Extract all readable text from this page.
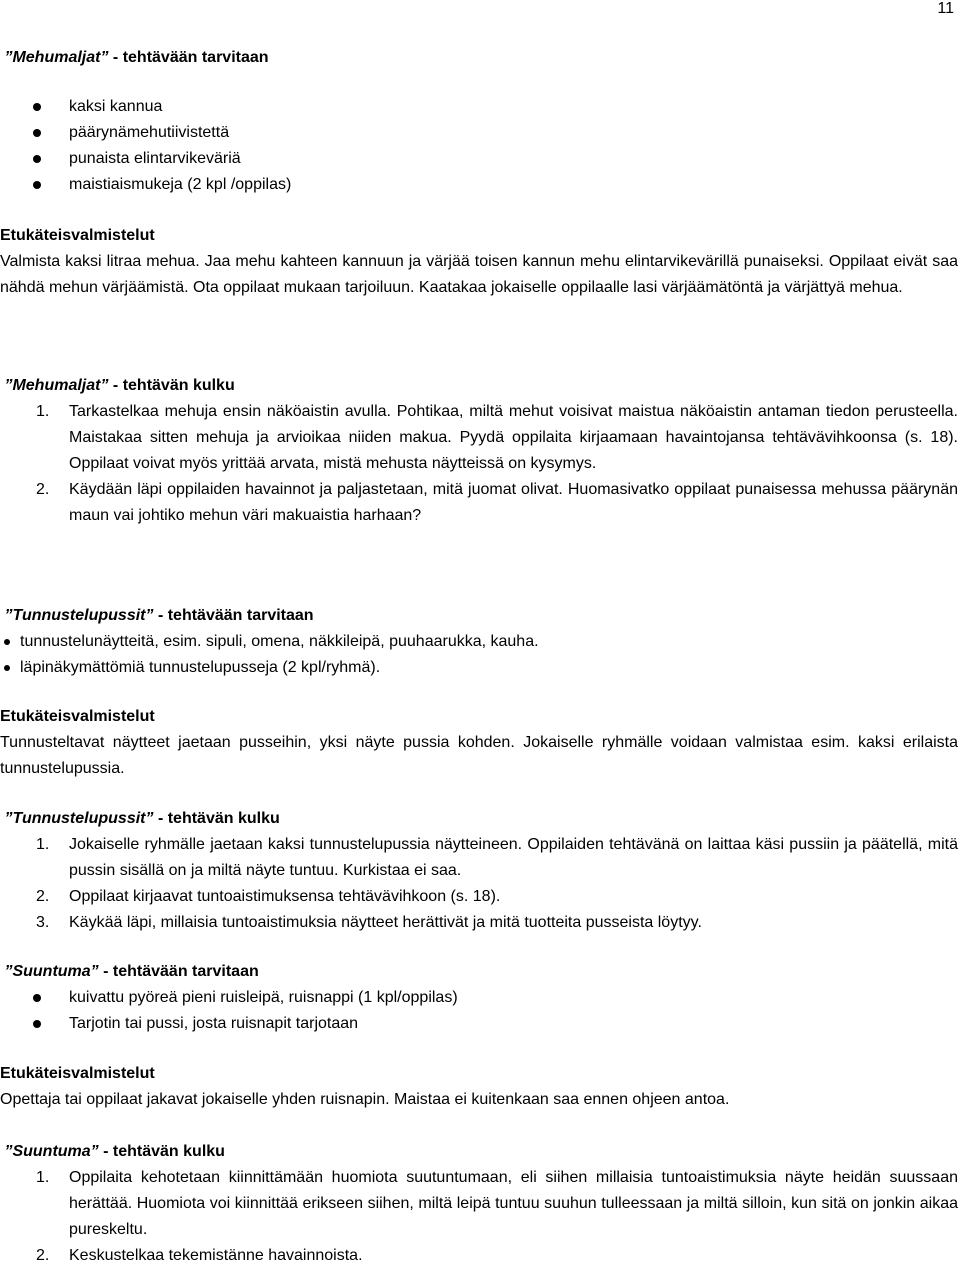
11

”Mehumaljat” - tehtävään tarvitaan

kaksi kannua
päärynämehutiivistettä
punaista elintarvikeväriä
maistiaismukeja (2 kpl /oppilas)

Etukäteisvalmistelut

Valmista kaksi litraa mehua. Jaa mehu kahteen kannuun ja värjää toisen kannun mehu elintarvikevärillä punaiseksi. Oppilaat eivät saa nähdä mehun värjäämistä. Ota oppilaat mukaan tarjoiluun. Kaatakaa jokaiselle oppilaalle lasi värjäämätöntä ja värjättyä mehua.

”Mehumaljat” - tehtävän kulku

1. Tarkastelkaa mehuja ensin näköaistin avulla. Pohtikaa, miltä mehut voisivat maistua näköaistin antaman tiedon perusteella. Maistakaa sitten mehuja ja arvioikaa niiden makua. Pyydä oppilaita kirjaamaan havaintojansa tehtävävihkoonsa (s. 18). Oppilaat voivat myös yrittää arvata, mistä mehusta näytteissä on kysymys.
2. Käydään läpi oppilaiden havainnot ja paljastetaan, mitä juomat olivat. Huomasivatko oppilaat punaisessa mehussa päärynän maun vai johtiko mehun väri makuaistia harhaan?

”Tunnustelupussit” - tehtävään tarvitaan

tunnustelunäytteitä, esim. sipuli, omena, näkkileipä, puuhaarukka, kauha.
läpinäkymättömiä tunnustelupusseja (2 kpl/ryhmä).

Etukäteisvalmistelut

Tunnusteltavat näytteet jaetaan pusseihin, yksi näyte pussia kohden. Jokaiselle ryhmälle voidaan valmistaa esim. kaksi erilaista tunnustelupussia.

”Tunnustelupussit” - tehtävän kulku

1. Jokaiselle ryhmälle jaetaan kaksi tunnustelupussia näytteineen. Oppilaiden tehtävänä on laittaa käsi pussiin ja päätellä, mitä pussin sisällä on ja miltä näyte tuntuu. Kurkistaa ei saa.
2. Oppilaat kirjaavat tuntoaistimuksensa tehtävävihkoon (s. 18).
3. Käykää läpi, millaisia tuntoaistimuksia näytteet herättivät ja mitä tuotteita pusseista löytyy.

”Suuntuma” - tehtävään tarvitaan

kuivattu pyöreä pieni ruisleipä, ruisnappi (1 kpl/oppilas)
Tarjotin tai pussi, josta ruisnapit tarjotaan

Etukäteisvalmistelut

Opettaja tai oppilaat jakavat jokaiselle yhden ruisnapin. Maistaa ei kuitenkaan saa ennen ohjeen antoa.

”Suuntuma” - tehtävän kulku

1. Oppilaita kehotetaan kiinnittämään huomiota suutuntumaan, eli siihen millaisia tuntoaistimuksia näyte heidän suussaan herättää. Huomiota voi kiinnittää erikseen siihen, miltä leipä tuntuu suuhun tulleessaan ja miltä silloin, kun sitä on jonkin aikaa pureskeltu.
2. Keskustelkaa tekemistänne havainnoista.
